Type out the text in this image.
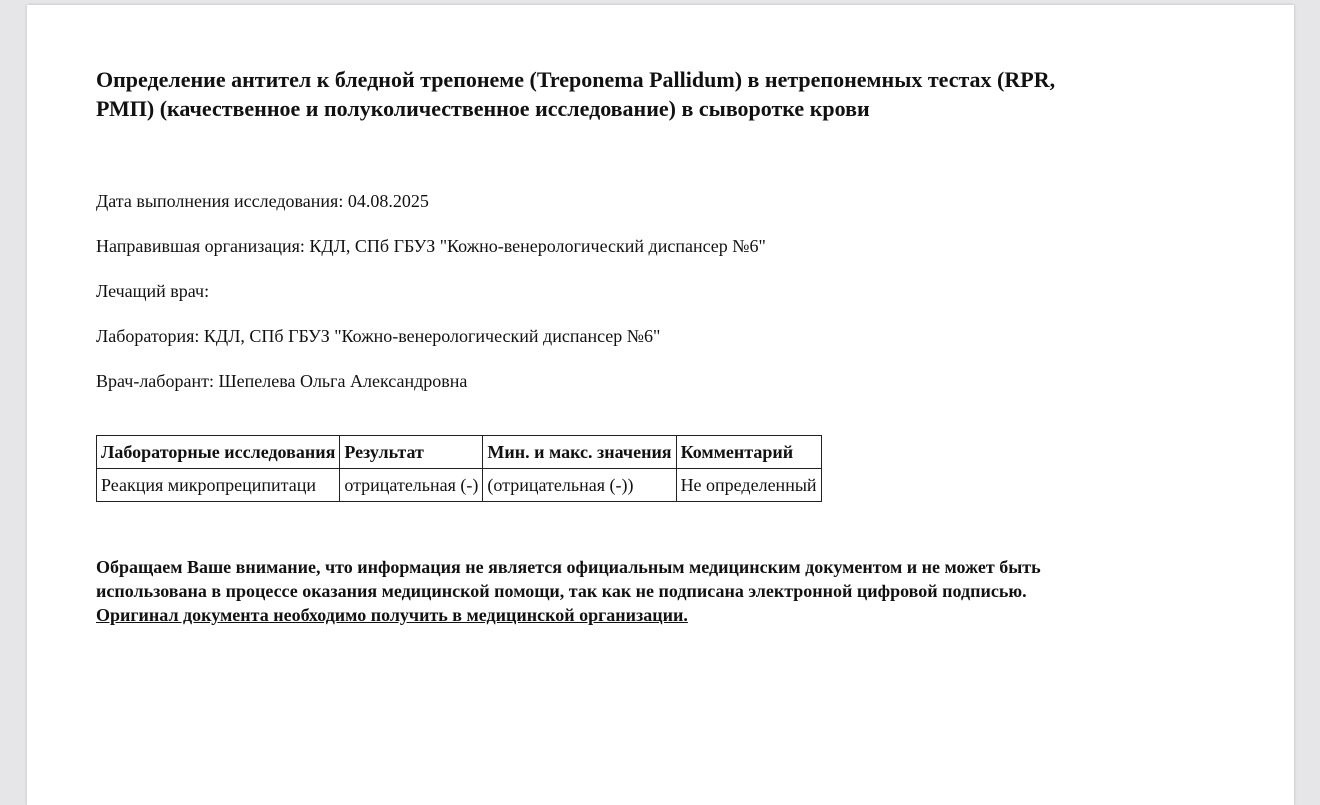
Определение антител к бледной трепонеме (Treponema Pallidum) в нетрепонемных тестах (RPR,
РМП) (качественное и полуколичественное исследование) в сыворотке крови
Дата выполнения исследования: 04.08.2025
Направившая организация: КДЛ, СПб ГБУЗ "Кожно-венерологический диспансер №6"
Лечащий врач:
Лаборатория: КДЛ, СПб ГБУЗ "Кожно-венерологический диспансер №6"
Врач-лаборант: Шепелева Ольга Александровна
Лабораторные исследования	Результат	Мин. и макс. значения	Комментарий
Реакция микропреципитаци	отрицательная (-)	(отрицательная (-))	Не определенный
Обращаем Ваше внимание, что информация не является официальным медицинским документом и не может быть
использована в процессе оказания медицинской помощи, так как не подписана электронной цифровой подписью.
Оригинал документа необходимо получить в медицинской организации.
